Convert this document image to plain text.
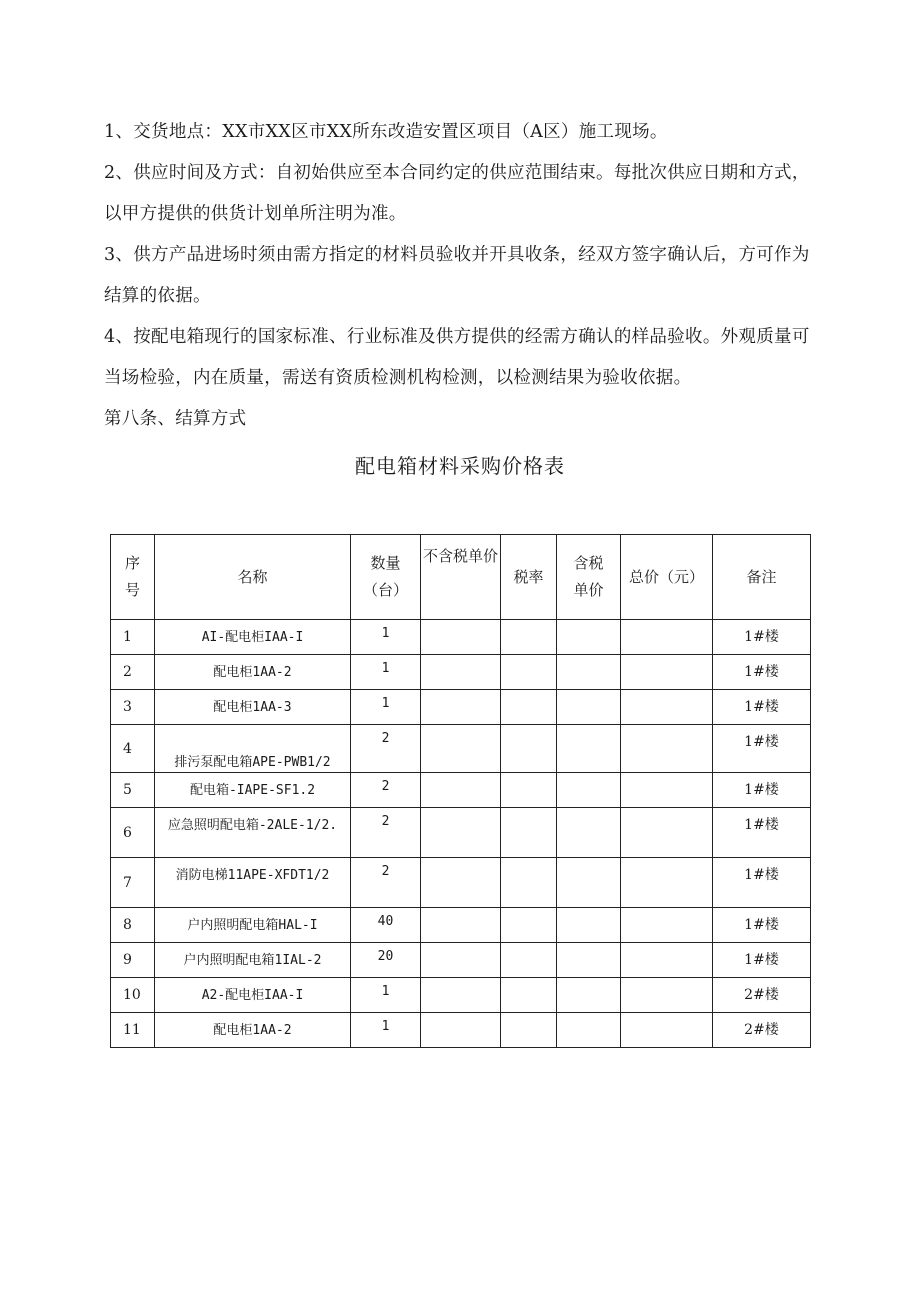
1、交货地点：XX市XX区市XX所东改造安置区项目（A区）施工现场。

2、供应时间及方式：自初始供应至本合同约定的供应范围结束。每批次供应日期和方式，以甲方提供的供货计划单所注明为准。

3、供方产品进场时须由需方指定的材料员验收并开具收条，经双方签字确认后，方可作为结算的依据。

4、按配电箱现行的国家标准、行业标准及供方提供的经需方确认的样品验收。外观质量可当场检验，内在质量，需送有资质检测机构检测，以检测结果为验收依据。

第八条、结算方式

配电箱材料采购价格表
序号	名称	数量（台）	不含税单价	税率	含税单价	总价（元）	备注
1	AI-配电柜IAA-I	1					1#楼
2	配电柜1AA-2	1					1#楼
3	配电柜1AA-3	1					1#楼
4	排污泵配电箱APE-PWB1/2	2					1#楼
5	配电箱-IAPE-SF1.2	2					1#楼
6	应急照明配电箱-2ALE-1/2.	2					1#楼
7	消防电梯11APE-XFDT1/2	2					1#楼
8	户内照明配电箱HAL-I	40					1#楼
9	户内照明配电箱1IAL-2	20					1#楼
10	A2-配电柜IAA-I	1					2#楼
11	配电柜1AA-2	1					2#楼
